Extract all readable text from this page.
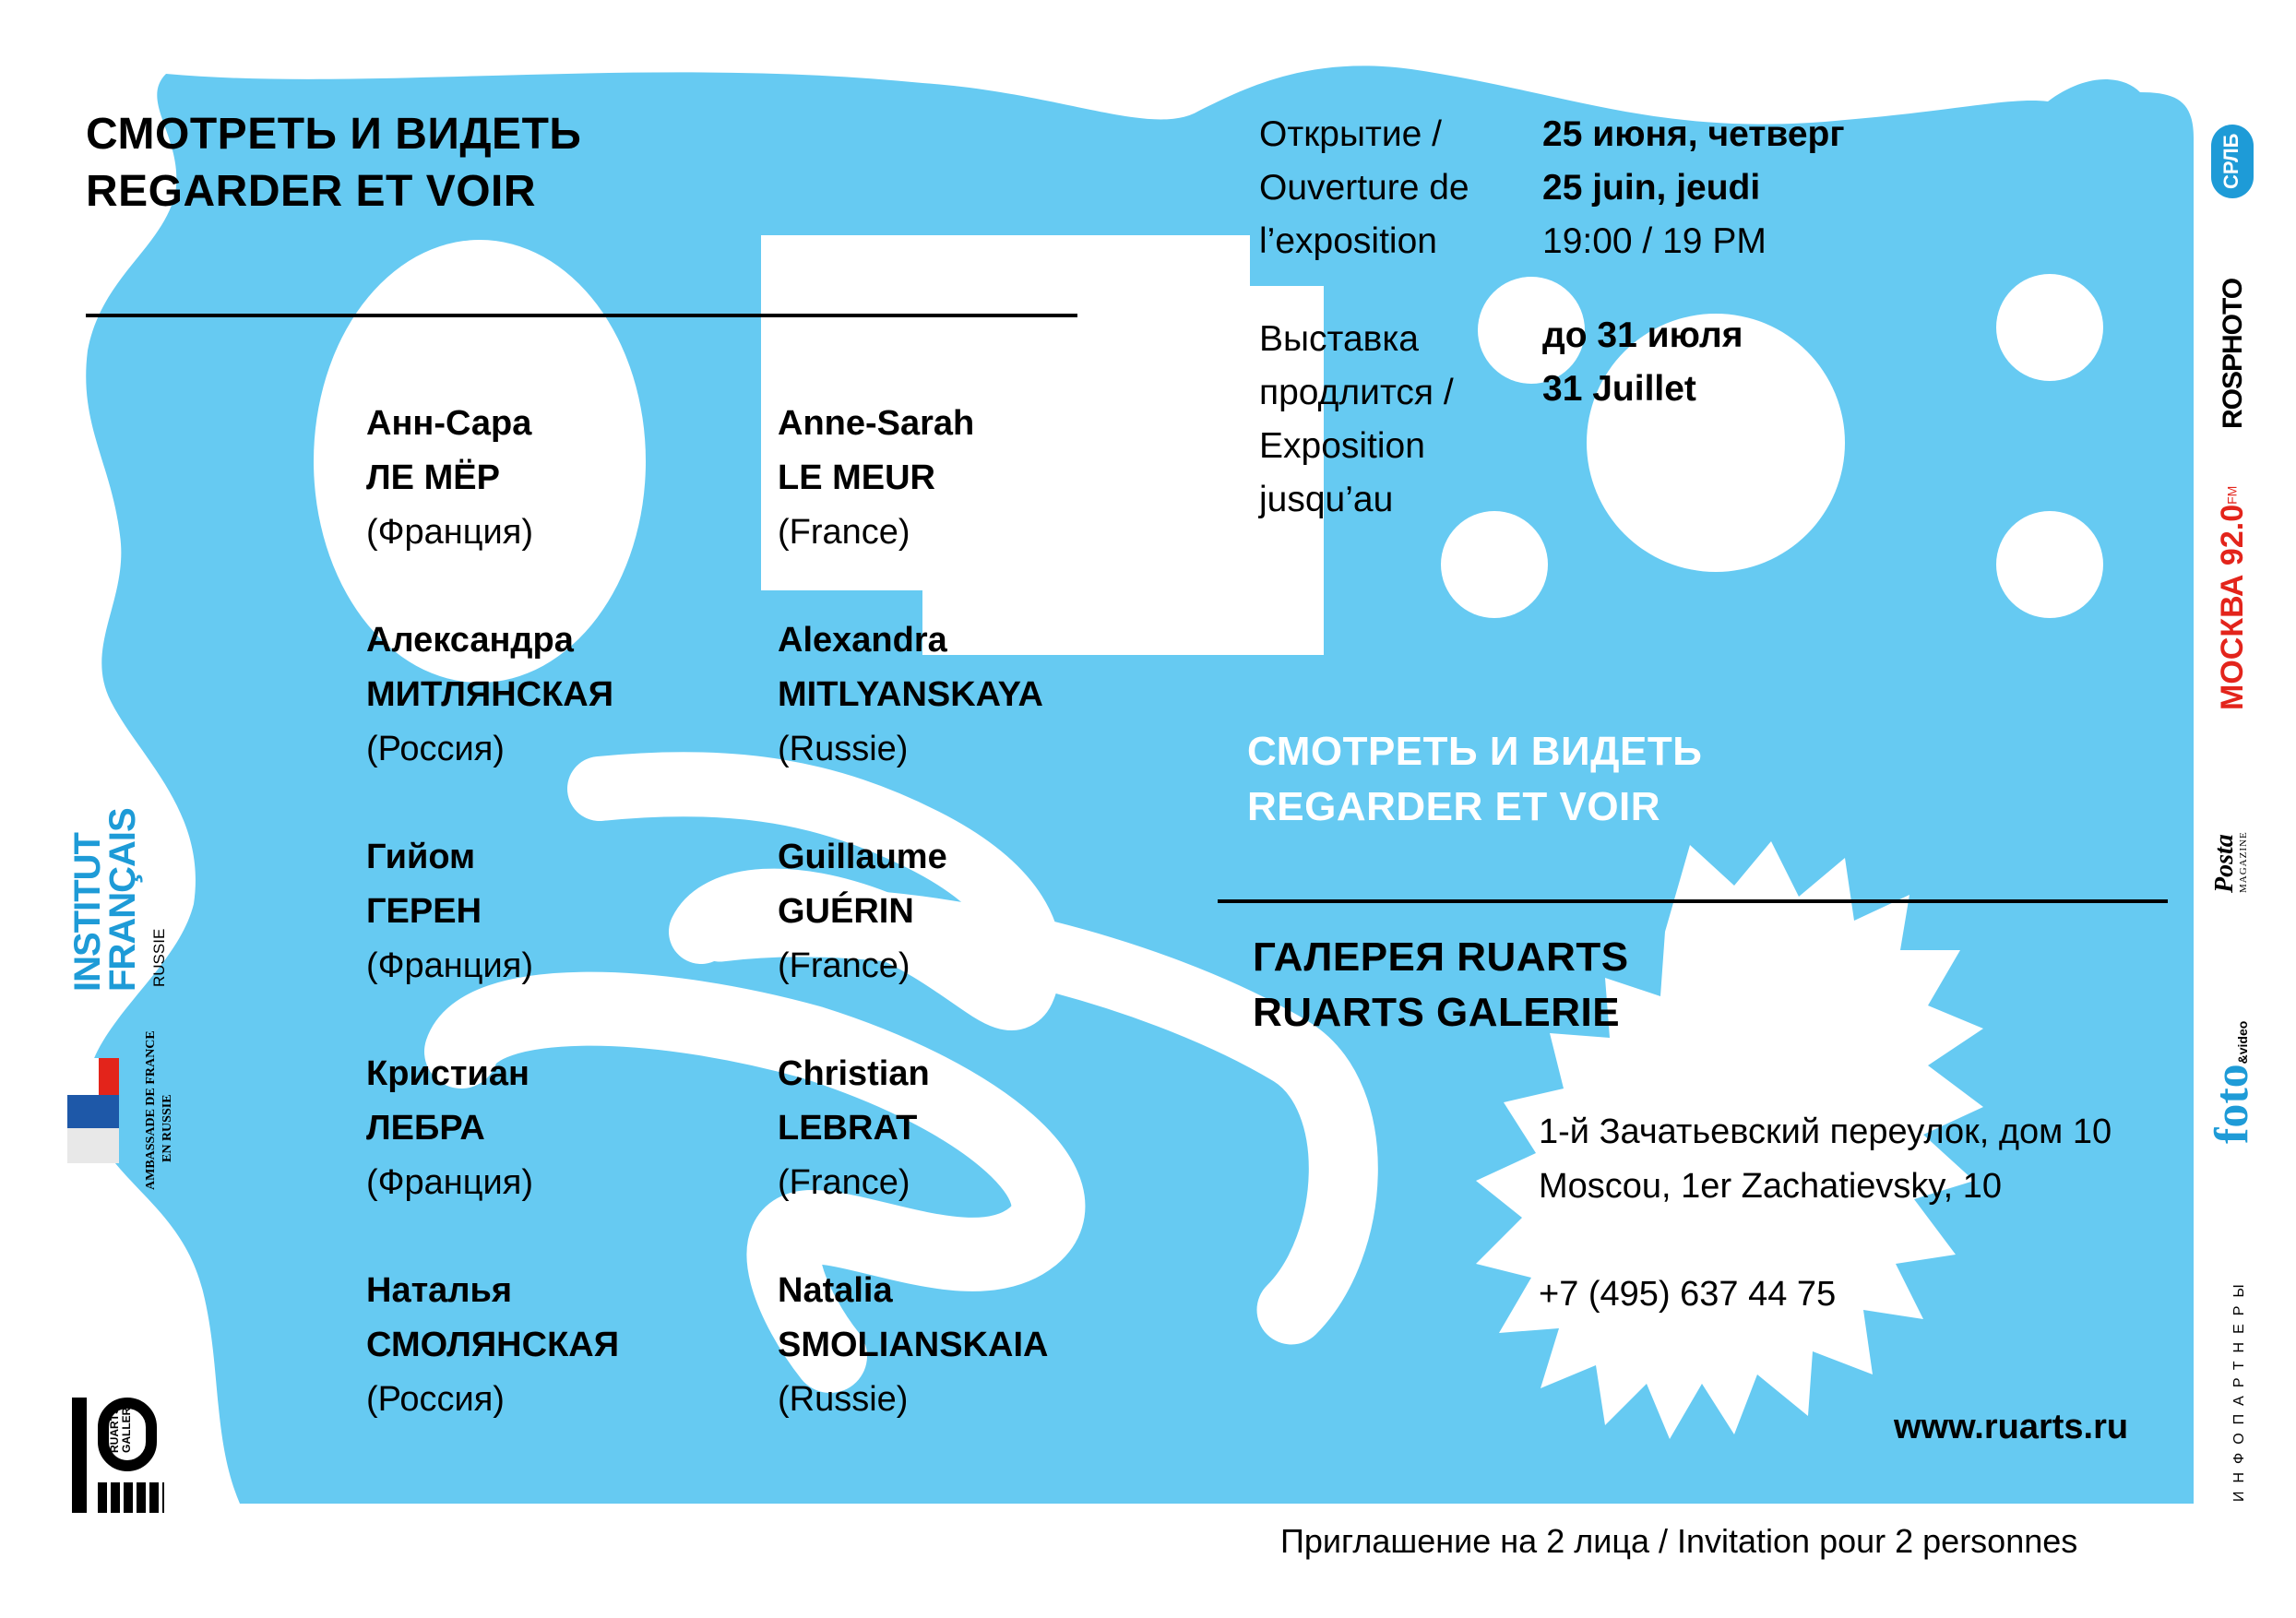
СМОТРЕТЬ И ВИДЕТЬ
REGARDER ET VOIR
Анн-Сара
ЛЕ МЁР
(Франция)
Александра
МИТЛЯНСКАЯ
(Россия)
Гийом
ГЕРЕН
(Франция)
Кристиан
ЛЕБРА
(Франция)
Наталья
СМОЛЯНСКАЯ
(Россия)
Anne-Sarah
LE MEUR
(France)
Alexandra
MITLYANSKAYA
(Russie)
Guillaume
GUÉRIN
(France)
Christian
LEBRAT
(France)
Natalia
SMOLIANSKAIA
(Russie)
Открытие /
Ouverture de
l’exposition
25 июня, четверг
25 juin, jeudi
19:00 / 19 PM
Выставка
продлится /
Exposition
jusqu’au
до 31 июля
31 Juillet
СМОТРЕТЬ И ВИДЕТЬ
REGARDER ET VOIR
ГАЛЕРЕЯ RUARTS
RUARTS GALERIE
1-й Зачатьевский переулок, дом 10
Moscou, 1er Zachatievsky, 10
+7 (495) 637 44 75
www.ruarts.ru
Приглашение на 2 лица / Invitation pour 2 personnes
INSTITUT
FRANÇAIS RUSSIE
AMBASSADE DE FRANCE EN RUSSIE
RUARTS GALLERY
СРЛБ
ROSPHOTO
МОСКВА $92.0^{FM}$
Posta MAGAZINE
foto&video
ИНФОПАРТНЕРЫ
